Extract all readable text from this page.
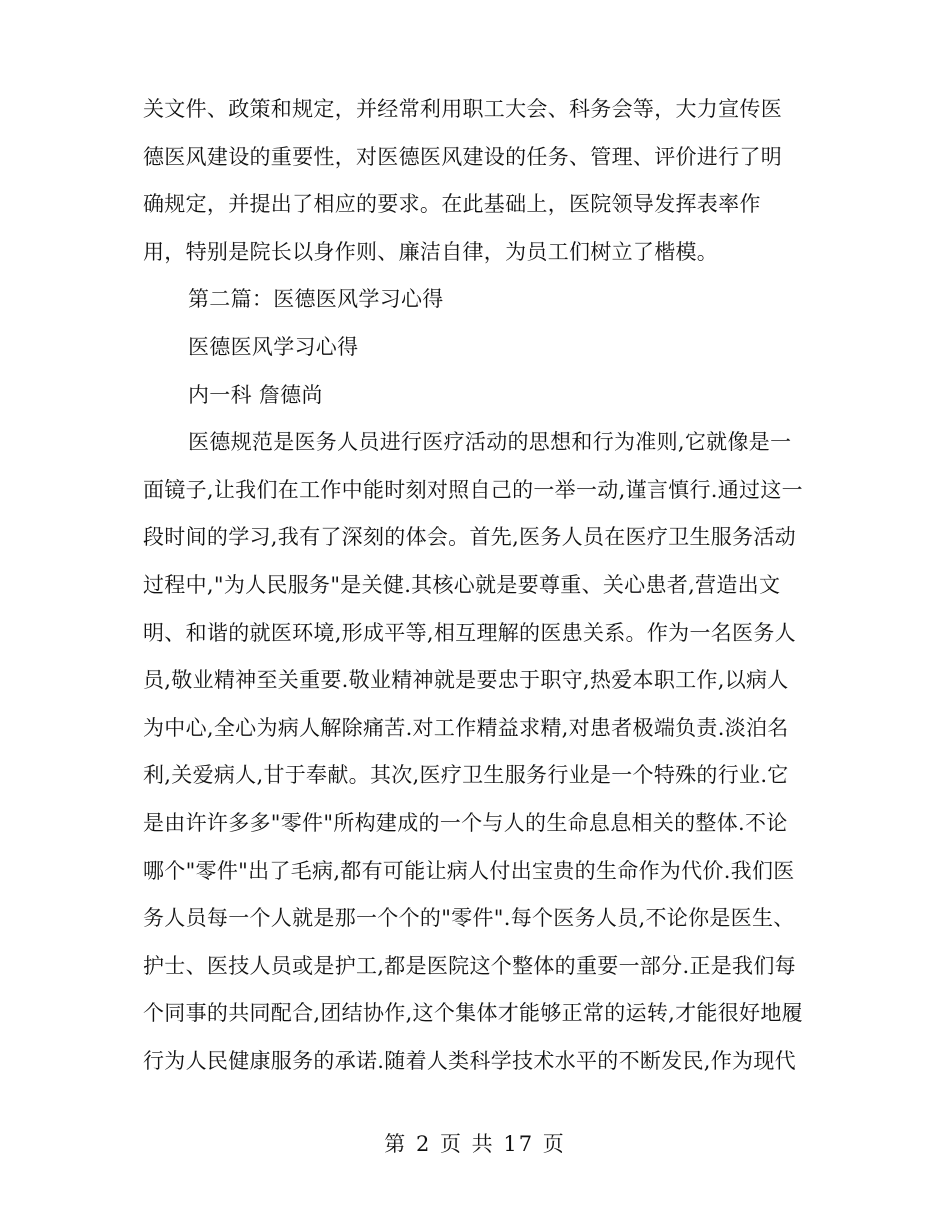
关文件、政策和规定，并经常利用职工大会、科务会等，大力宣传医
德医风建设的重要性，对医德医风建设的任务、管理、评价进行了明
确规定，并提出了相应的要求。在此基础上，医院领导发挥表率作
用，特别是院长以身作则、廉洁自律，为员工们树立了楷模。
第二篇：医德医风学习心得
医德医风学习心得
内一科 詹德尚
医德规范是医务人员进行医疗活动的思想和行为准则,它就像是一
面镜子,让我们在工作中能时刻对照自己的一举一动,谨言慎行.通过这一
段时间的学习,我有了深刻的体会。首先,医务人员在医疗卫生服务活动
过程中,"为人民服务"是关健.其核心就是要尊重、关心患者,营造出文
明、和谐的就医环境,形成平等,相互理解的医患关系。作为一名医务人
员,敬业精神至关重要.敬业精神就是要忠于职守,热爱本职工作,以病人
为中心,全心为病人解除痛苦.对工作精益求精,对患者极端负责.淡泊名
利,关爱病人,甘于奉献。其次,医疗卫生服务行业是一个特殊的行业.它
是由许许多多"零件"所构建成的一个与人的生命息息相关的整体.不论
哪个"零件"出了毛病,都有可能让病人付出宝贵的生命作为代价.我们医
务人员每一个人就是那一个个的"零件".每个医务人员,不论你是医生、
护士、医技人员或是护工,都是医院这个整体的重要一部分.正是我们每
个同事的共同配合,团结协作,这个集体才能够正常的运转,才能很好地履
行为人民健康服务的承诺.随着人类科学技术水平的不断发民,作为现代
第 2 页 共 17 页
